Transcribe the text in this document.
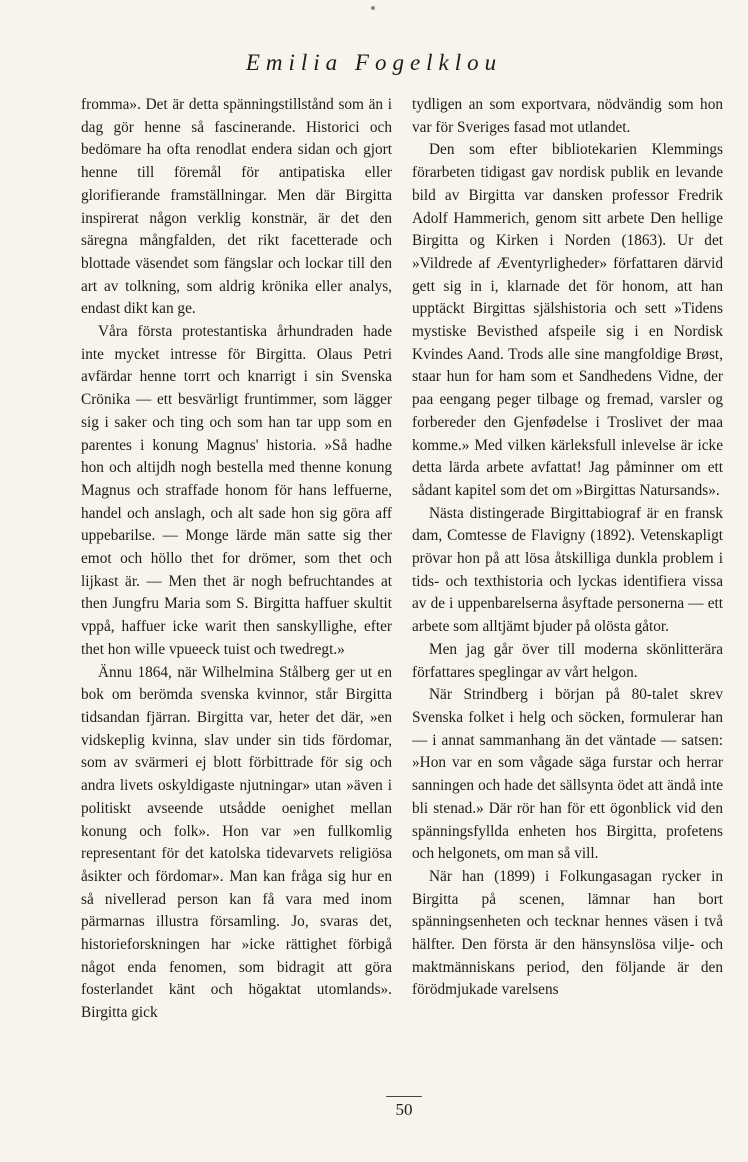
Emilia Fogelklou

fromma». Det är detta spänningstillstånd som än i dag gör henne så fascinerande. Historici och bedömare ha ofta renodlat endera sidan och gjort henne till föremål för antipatiska eller glorifierande framställningar. Men där Birgitta inspirerat någon verklig konstnär, är det den säregna mångfalden, det rikt facetterade och blottade väsendet som fängslar och lockar till den art av tolkning, som aldrig krönika eller analys, endast dikt kan ge.

Våra första protestantiska århundraden hade inte mycket intresse för Birgitta. Olaus Petri avfärdar henne torrt och knarrigt i sin Svenska Crönika — ett besvärligt fruntimmer, som lägger sig i saker och ting och som han tar upp som en parentes i konung Magnus' historia. »Så hadhe hon och altijdh nogh bestella med thenne konung Magnus och straffade honom för hans leffuerne, handel och anslagh, och alt sade hon sig göra aff uppebarilse. — Monge lärde män satte sig ther emot och höllo thet for drömer, som thet och lijkast är. — Men thet är nogh befruchtandes at then Jungfru Maria som S. Birgitta haffuer skultit vppå, haffuer icke warit then sanskyllighe, efter thet hon wille vpueeck tuist och twedregt.»

Ännu 1864, när Wilhelmina Stålberg ger ut en bok om berömda svenska kvinnor, står Birgitta tidsandan fjärran. Birgitta var, heter det där, »en vidskeplig kvinna, slav under sin tids fördomar, som av svärmeri ej blott förbittrade för sig och andra livets oskyldigaste njutningar» utan »även i politiskt avseende utsådde oenighet mellan konung och folk». Hon var »en fullkomlig representant för det katolska tidevarvets religiösa åsikter och fördomar». Man kan fråga sig hur en så nivellerad person kan få vara med inom pärmarnas illustra församling. Jo, svaras det, historieforskningen har »icke rättighet förbigå något enda fenomen, som bidragit att göra fosterlandet känt och högaktat utomlands». Birgitta gick

tydligen an som exportvara, nödvändig som hon var för Sveriges fasad mot utlandet.

Den som efter bibliotekarien Klemmings förarbeten tidigast gav nordisk publik en levande bild av Birgitta var dansken professor Fredrik Adolf Hammerich, genom sitt arbete Den hellige Birgitta og Kirken i Norden (1863). Ur det »Vildrede af Æventyrligheder» författaren därvid gett sig in i, klarnade det för honom, att han upptäckt Birgittas själshistoria och sett »Tidens mystiske Bevisthed afspeile sig i en Nordisk Kvindes Aand. Trods alle sine mangfoldige Brøst, staar hun for ham som et Sandhedens Vidne, der paa eengang peger tilbage og fremad, varsler og forbereder den Gjenfødelse i Troslivet der maa komme.» Med vilken kärleksfull inlevelse är icke detta lärda arbete avfattat! Jag påminner om ett sådant kapitel som det om »Birgittas Natursands».

Nästa distingerade Birgittabiograf är en fransk dam, Comtesse de Flavigny (1892). Vetenskapligt prövar hon på att lösa åtskilliga dunkla problem i tids- och texthistoria och lyckas identifiera vissa av de i uppenbarelserna åsyftade personerna — ett arbete som alltjämt bjuder på olösta gåtor.

Men jag går över till moderna skönlitterära författares speglingar av vårt helgon.

När Strindberg i början på 80-talet skrev Svenska folket i helg och söcken, formulerar han — i annat sammanhang än det väntade — satsen: »Hon var en som vågade säga furstar och herrar sanningen och hade det sällsynta ödet att ändå inte bli stenad.» Där rör han för ett ögonblick vid den spänningsfyllda enheten hos Birgitta, profetens och helgonets, om man så vill.

När han (1899) i Folkungasagan rycker in Birgitta på scenen, lämnar han bort spänningsenheten och tecknar hennes väsen i två hälfter. Den första är den hänsynslösa vilje- och maktmänniskans period, den följande är den förödmjukade varelsens

50
